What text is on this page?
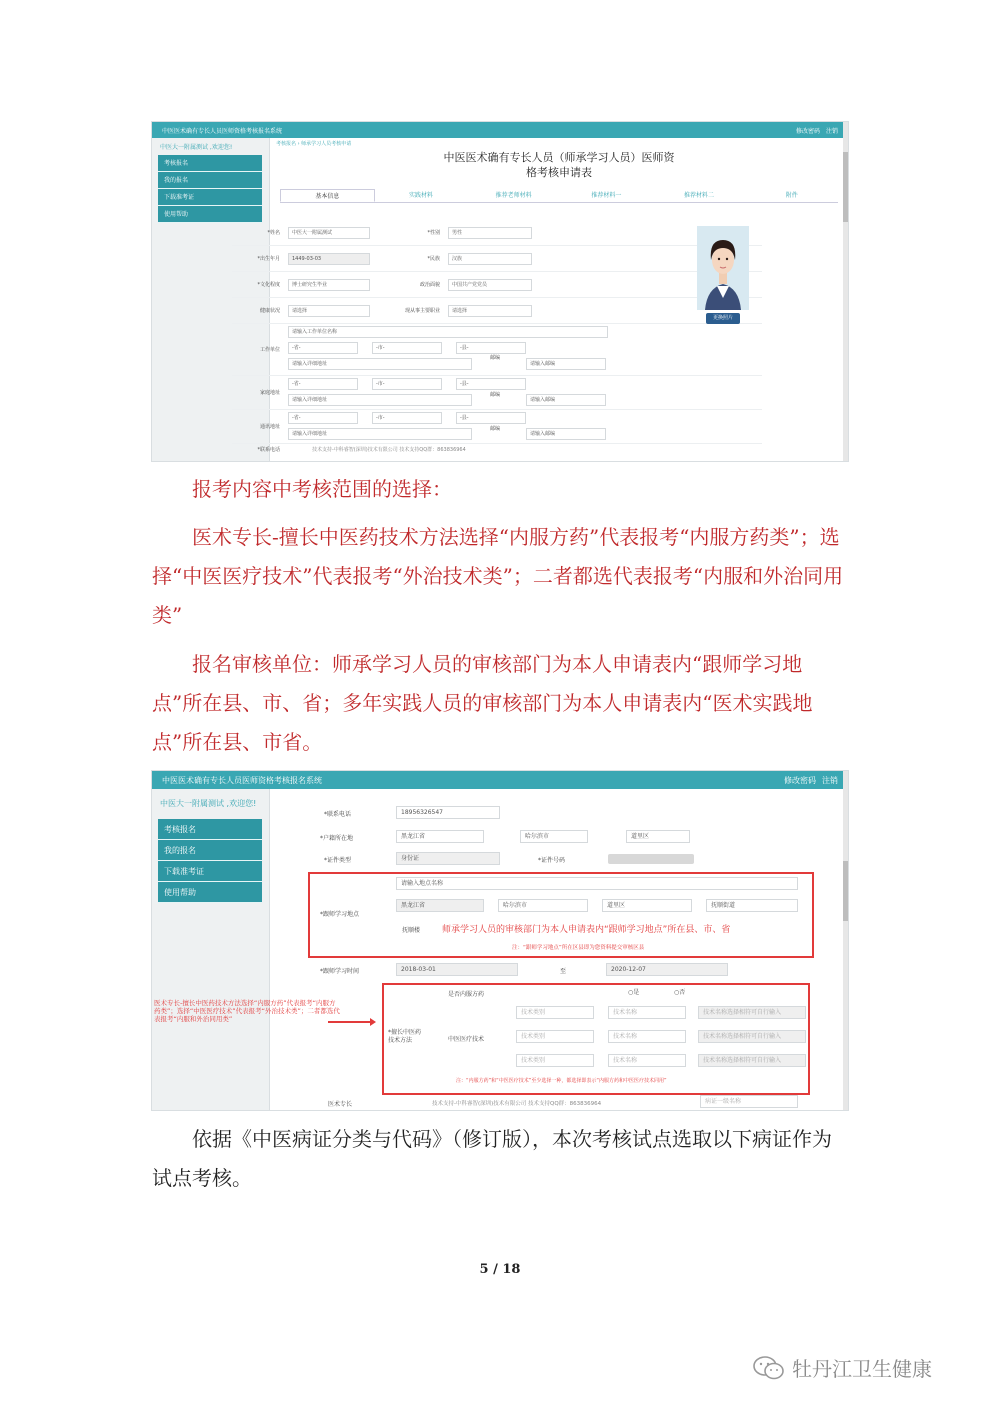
中医医术确有专长人员医师资格考核报名系统	修改密码 注销
中医大一附属测试 ,欢迎您!
考核报名
我的报名
下载准考证
使用帮助
考核报名 › 师承学习人员考核申请
中医医术确有专长人员（师承学习人员）医师资
格考核申请表
基本信息	实践材料	推荐老师材料	推荐材料一	推荐材料二	附件
*姓名	中医大一附属测试	*性别	男性
*出生年月	1449-03-03	*民族	汉族
*文化程度	博士研究生毕业	政治面貌	中国共产党党员
健康状况	请选择	现从事主要职业	请选择
工作单位
请输入工作单位名称
-省-	-市-	-县-
请输入详细地址
邮编
请输入邮编
家庭地址
-省-	-市-	-县-
请输入详细地址
邮编
请输入邮编
通讯地址
-省-	-市-	-县-
请输入详细地址
邮编
请输入邮编
*联系电话	技术支持-中科睿智(深圳)技术有限公司 技术支持QQ群：863836964
更换照片
报考内容中考核范围的选择：
医术专长-擅长中医药技术方法选择“内服方药”代表报考“内服方药类”；选择“中医医疗技术”代表报考“外治技术类”；二者都选代表报考“内服和外治同用类”
报名审核单位：师承学习人员的审核部门为本人申请表内“跟师学习地点”所在县、市、省；多年实践人员的审核部门为本人申请表内“医术实践地点”所在县、市省。
中医医术确有专长人员医师资格考核报名系统	修改密码 注销
中医大一附属测试 ,欢迎您!
考核报名
我的报名
下载准考证
使用帮助
医术专长-擅长中医药技术方法选择“内服方药”代表报考“内服方药类”；选择“中医医疗技术”代表报考“外治技术类”；二者都选代表报考“内服和外治同用类”
*联系电话	18956326547
*户籍所在地	黑龙江省	哈尔滨市	道里区
*证件类型	身份证	*证件号码
*跟师学习地点
请输入地点名称
黑龙江省	哈尔滨市	道里区	抚顺街道
抚顺楼 师承学习人员的审核部门为本人申请表内“跟师学习地点”所在县、市、省
注：“跟师学习地点”所在区县即为您资料提交审核区县
*跟师学习时间	2018-03-01	至	2020-12-07
*擅长中医药技术方法
是否内服方药	○是	○否
中医医疗技术
技术类别	技术名称	技术名称选择相符可自行输入
技术类别	技术名称	技术名称选择相符可自行输入
技术类别	技术名称	技术名称选择相符可自行输入
注：“内服方药”和“中医医疗技术”至少选择一种，都选择即表示“内服方药和中医医疗技术同用”
医术专长	技术支持-中科睿智(深圳)技术有限公司 技术支持QQ群：863836964	病证一级名称
依据《中医病证分类与代码》（修订版），本次考核试点选取以下病证作为试点考核。
5 / 18
牡丹江卫生健康
